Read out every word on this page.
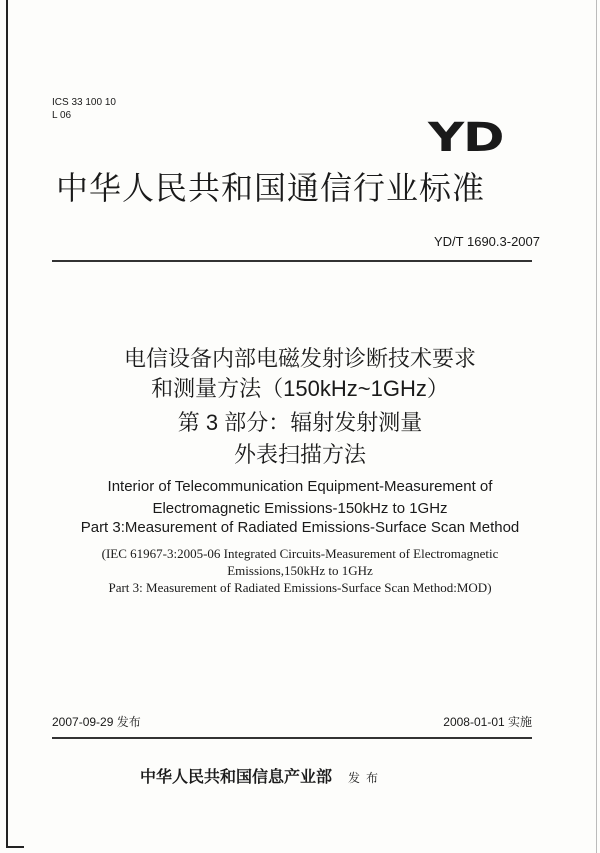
ICS 33 100 10
L 06	YD
中华人民共和国通信行业标准
YD/T 1690.3-2007
电信设备内部电磁发射诊断技术要求
和测量方法（150kHz~1GHz）
第 3 部分：辐射发射测量
外表扫描方法
Interior of Telecommunication Equipment-Measurement of
Electromagnetic Emissions-150kHz to 1GHz
Part 3:Measurement of Radiated Emissions-Surface Scan Method
(IEC 61967-3:2005-06 Integrated Circuits-Measurement of Electromagnetic
Emissions,150kHz to 1GHz
Part 3: Measurement of Radiated Emissions-Surface Scan Method:MOD)
2007-09-29 发布	2008-01-01 实施
中华人民共和国信息产业部 发布
